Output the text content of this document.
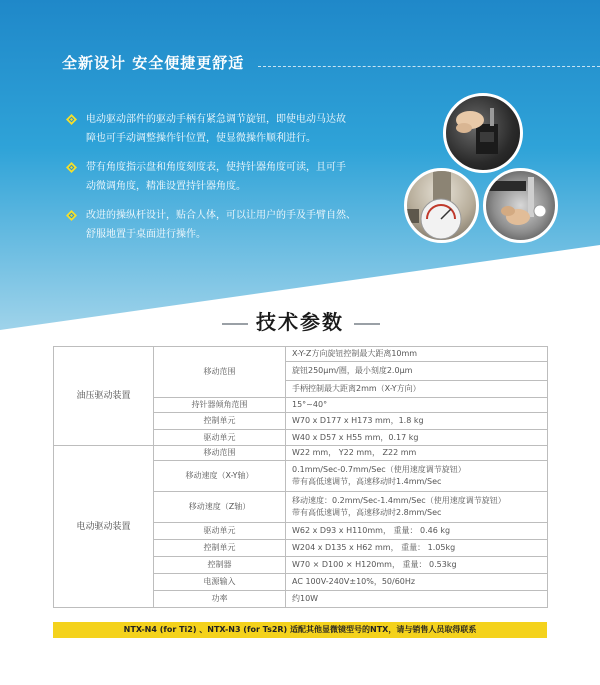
全新设计 安全便捷更舒适
电动驱动部件的驱动手柄有紧急调节旋钮，即使电动马达故
障也可手动调整操作针位置，使显微操作顺利进行。
带有角度指示盘和角度刻度表，使持针器角度可读，且可手
动微调角度，精准设置持针器角度。
改进的操纵杆设计，贴合人体，可以让用户的手及手臂自然、
舒服地置于桌面进行操作。
技术参数
油压驱动装置	移动范围	X-Y-Z方向旋钮控制最大距离10mm
		旋钮250μm/圈，最小刻度2.0μm
		手柄控制最大距离2mm（X-Y方向）
	持针器倾角范围	15°~40°
	控制单元	W70 x D177 x H173 mm，1.8 kg
	驱动单元	W40 x D57 x H55 mm，0.17 kg
电动驱动装置	移动范围	W22 mm， Y22 mm， Z22 mm
	移动速度（X-Y轴）	0.1mm/Sec-0.7mm/Sec（使用速度调节旋钮）
带有高低速调节，高速移动时1.4mm/Sec
	移动速度（Z轴）	移动速度：0.2mm/Sec-1.4mm/Sec（使用速度调节旋钮）
带有高低速调节，高速移动时2.8mm/Sec
	驱动单元	W62 x D93 x H110mm， 重量： 0.46 kg
	控制单元	W204 x D135 x H62 mm， 重量： 1.05kg
	控制器	W70 × D100 × H120mm， 重量： 0.53kg
	电源输入	AC 100V-240V±10%，50/60Hz
	功率	约10W
NTX-N4 (for Ti2) 、NTX-N3 (for Ts2R) 适配其他显微镜型号的NTX，请与销售人员取得联系
